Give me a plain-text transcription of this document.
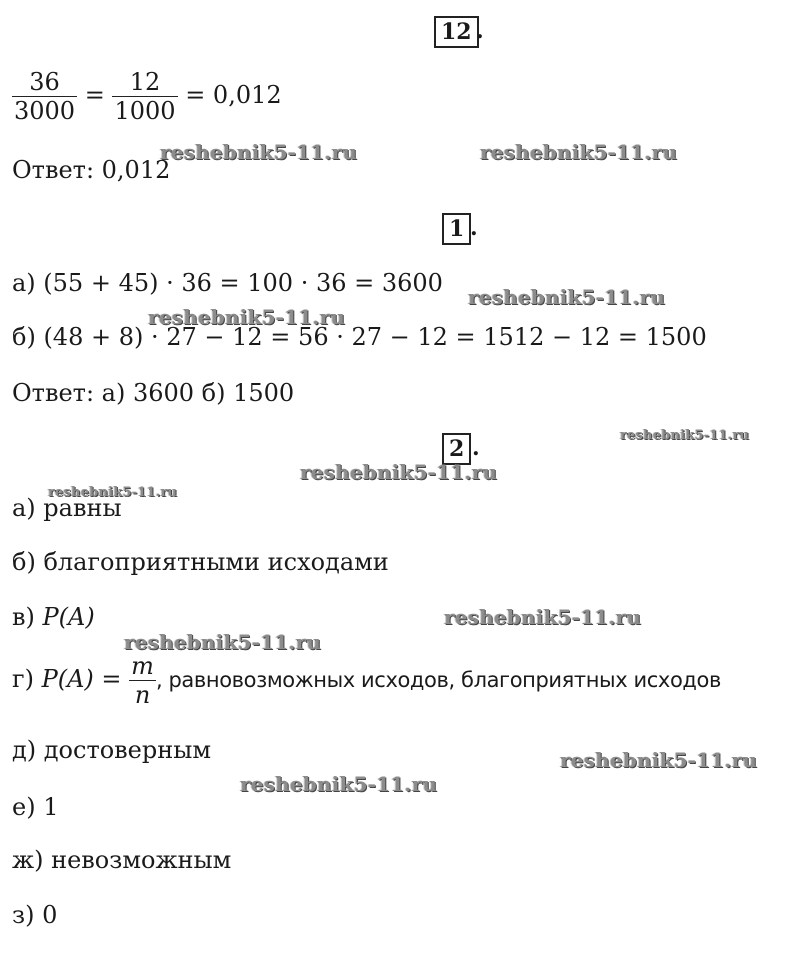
12 .
$\frac{36}{3000} = \frac{12}{1000} = 0,012$
Ответ: 0,012
1 .
а) (55 + 45) · 36 = 100 · 36 = 3600
б) (48 + 8) · 27 − 12 = 56 · 27 − 12 = 1512 − 12 = 1500
Ответ: а) 3600 б) 1500
2 .
а) равны
б) благоприятными исходами
в) P(A)
г) $P(A) = \frac{m}{n}$ , равновозможных исходов, благоприятных исходов
д) достоверным
е) 1
ж) невозможным
з) 0
reshebnik5-11.ru	reshebnik5-11.ru
reshebnik5-11.ru
reshebnik5-11.ru
reshebnik5-11.ru
reshebnik5-11.ru
reshebnik5-11.ru
reshebnik5-11.ru
reshebnik5-11.ru
reshebnik5-11.ru
reshebnik5-11.ru
